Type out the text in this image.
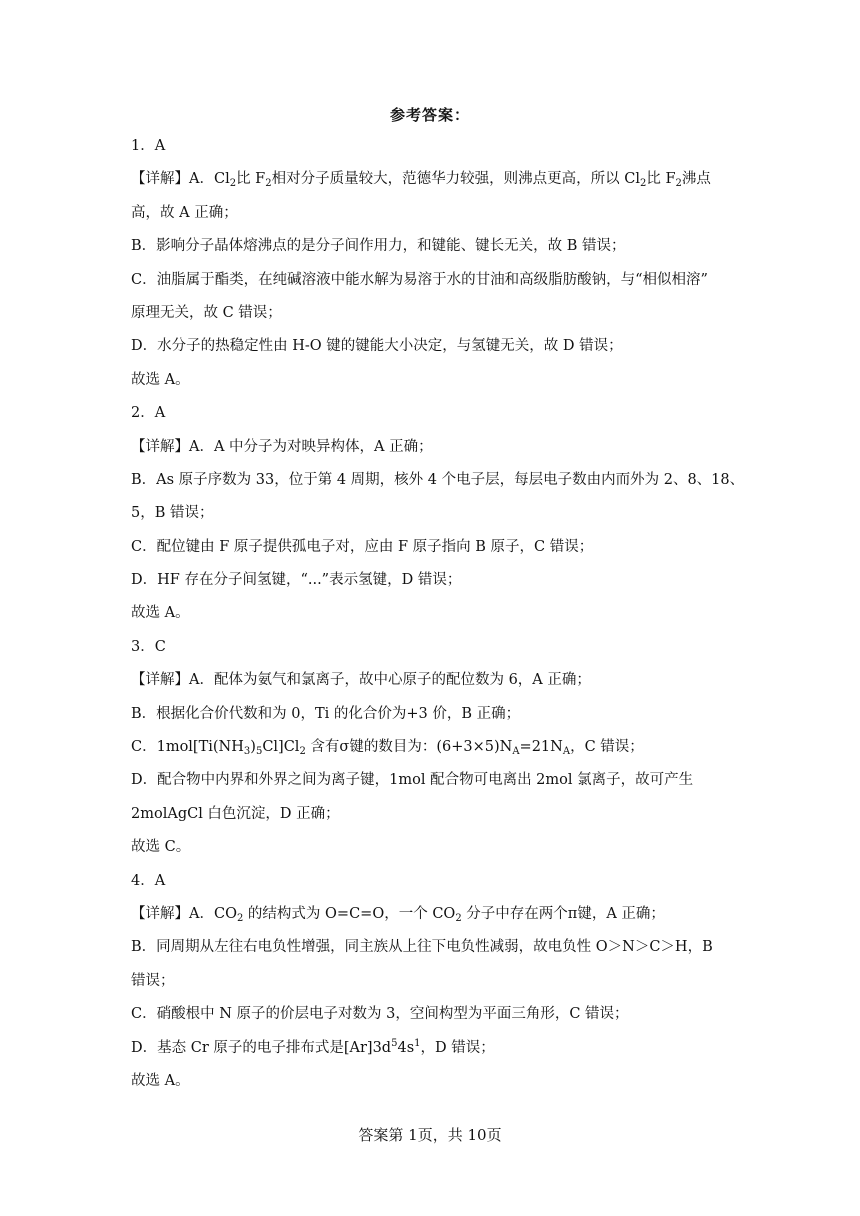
参考答案：
1．A
【详解】A．$Cl_2$比 $F_2$相对分子质量较大，范德华力较强，则沸点更高，所以 $Cl_2$比 $F_2$沸点
高，故 A 正确；
B．影响分子晶体熔沸点的是分子间作用力，和键能、键长无关，故 B 错误；
C．油脂属于酯类，在纯碱溶液中能水解为易溶于水的甘油和高级脂肪酸钠，与“相似相溶”
原理无关，故 C 错误；
D．水分子的热稳定性由 H-O 键的键能大小决定，与氢键无关，故 D 错误；
故选 A。
2．A
【详解】A．A 中分子为对映异构体，A 正确；
B．As 原子序数为 33，位于第 4 周期，核外 4 个电子层，每层电子数由内而外为 2、8、18、
5，B 错误；
C．配位键由 F 原子提供孤电子对，应由 F 原子指向 B 原子，C 错误；
D．HF 存在分子间氢键，“...”表示氢键，D 错误；
故选 A。
3．C
【详解】A．配体为氨气和氯离子，故中心原子的配位数为 6，A 正确；
B．根据化合价代数和为 0，Ti 的化合价为+3 价，B 正确；
C．$1mol[Ti(NH_3)_5Cl]Cl_2$ 含有σ键的数目为：$(6+3\times 5)N_A=21N_A$，C 错误；
D．配合物中内界和外界之间为离子键，1mol 配合物可电离出 2mol 氯离子，故可产生
2molAgCl 白色沉淀，D 正确；
故选 C。
4．A
【详解】A．$CO_2$ 的结构式为 O=C=O，一个 $CO_2$ 分子中存在两个π键，A 正确；
B．同周期从左往右电负性增强，同主族从上往下电负性减弱，故电负性 O＞N＞C＞H，B
错误；
C．硝酸根中 N 原子的价层电子对数为 3，空间构型为平面三角形，C 错误；
D．基态 Cr 原子的电子排布式是$[Ar]3d^54s^1$，D 错误；
故选 A。
答案第 1页，共 10页
